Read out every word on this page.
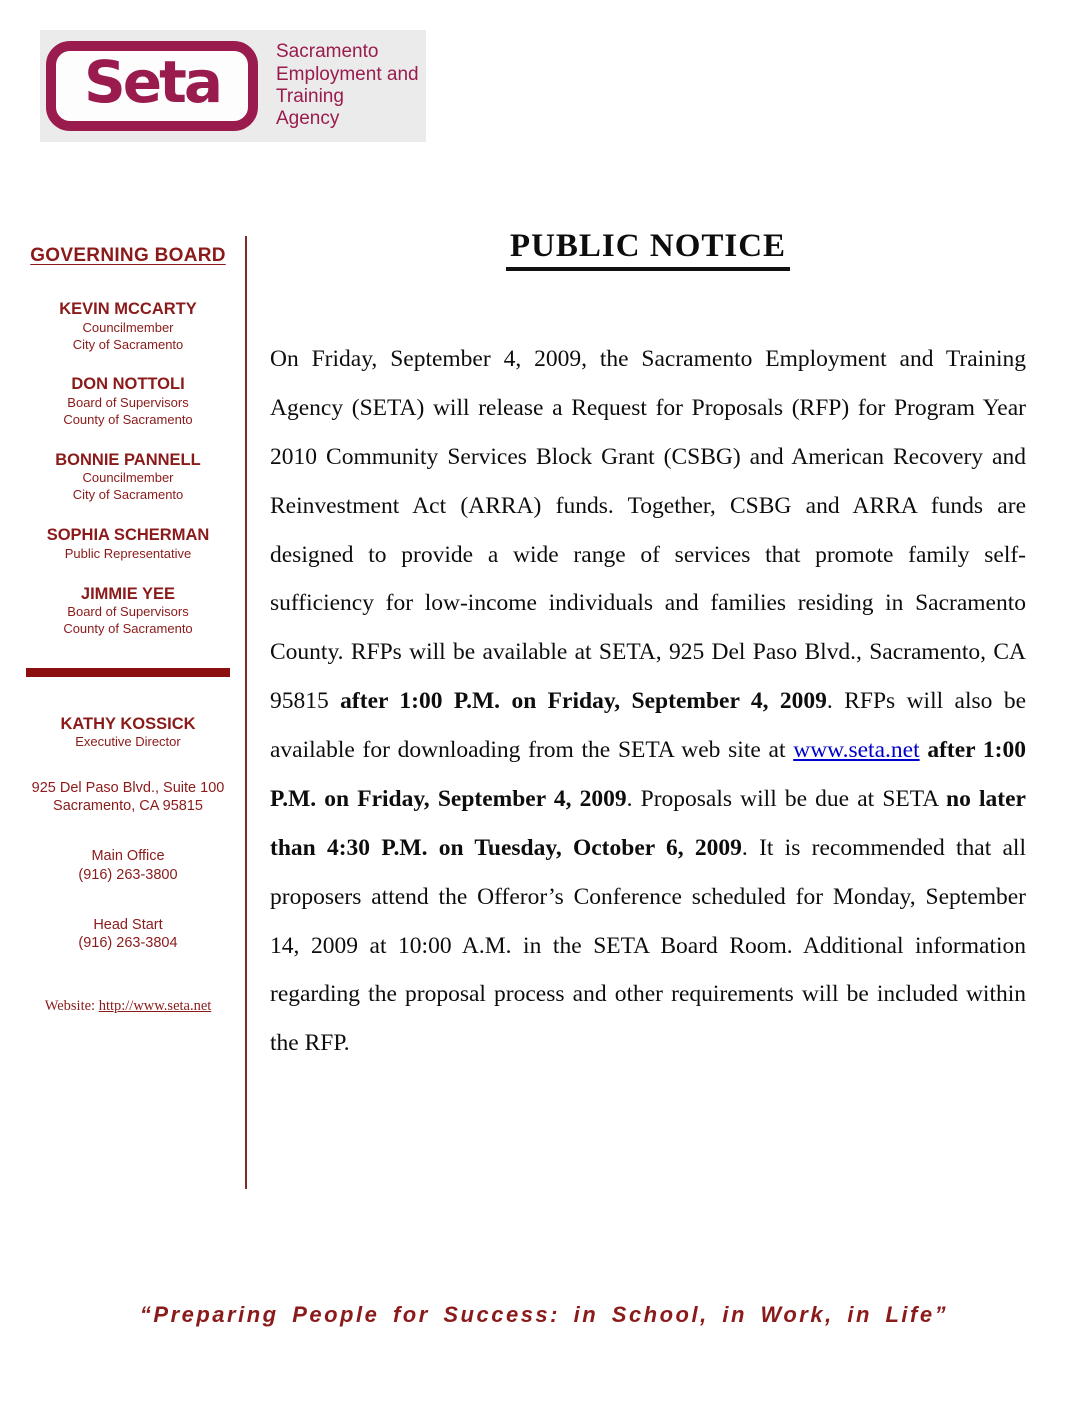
Seta	Sacramento
Employment and
Training
Agency
GOVERNING BOARD
KEVIN MCCARTY
Councilmember
City of Sacramento
DON NOTTOLI
Board of Supervisors
County of Sacramento
BONNIE PANNELL
Councilmember
City of Sacramento
SOPHIA SCHERMAN
Public Representative
JIMMIE YEE
Board of Supervisors
County of Sacramento
KATHY KOSSICK
Executive Director
925 Del Paso Blvd., Suite 100
Sacramento, CA 95815
Main Office
(916) 263-3800
Head Start
(916) 263-3804
Website: http://www.seta.net
PUBLIC NOTICE

On Friday, September 4, 2009, the Sacramento Employment and Training Agency (SETA) will release a Request for Proposals (RFP) for Program Year 2010 Community Services Block Grant (CSBG) and American Recovery and Reinvestment Act (ARRA) funds. Together, CSBG and ARRA funds are designed to provide a wide range of services that promote family self-sufficiency for low-income individuals and families residing in Sacramento County. RFPs will be available at SETA, 925 Del Paso Blvd., Sacramento, CA 95815 after 1:00 P.M. on Friday, September 4, 2009. RFPs will also be available for downloading from the SETA web site at www.seta.net after 1:00 P.M. on Friday, September 4, 2009. Proposals will be due at SETA no later than 4:30 P.M. on Tuesday, October 6, 2009. It is recommended that all proposers attend the Offeror’s Conference scheduled for Monday, September 14, 2009 at 10:00 A.M. in the SETA Board Room. Additional information regarding the proposal process and other requirements will be included within the RFP.

“Preparing People for Success: in School, in Work, in Life”
